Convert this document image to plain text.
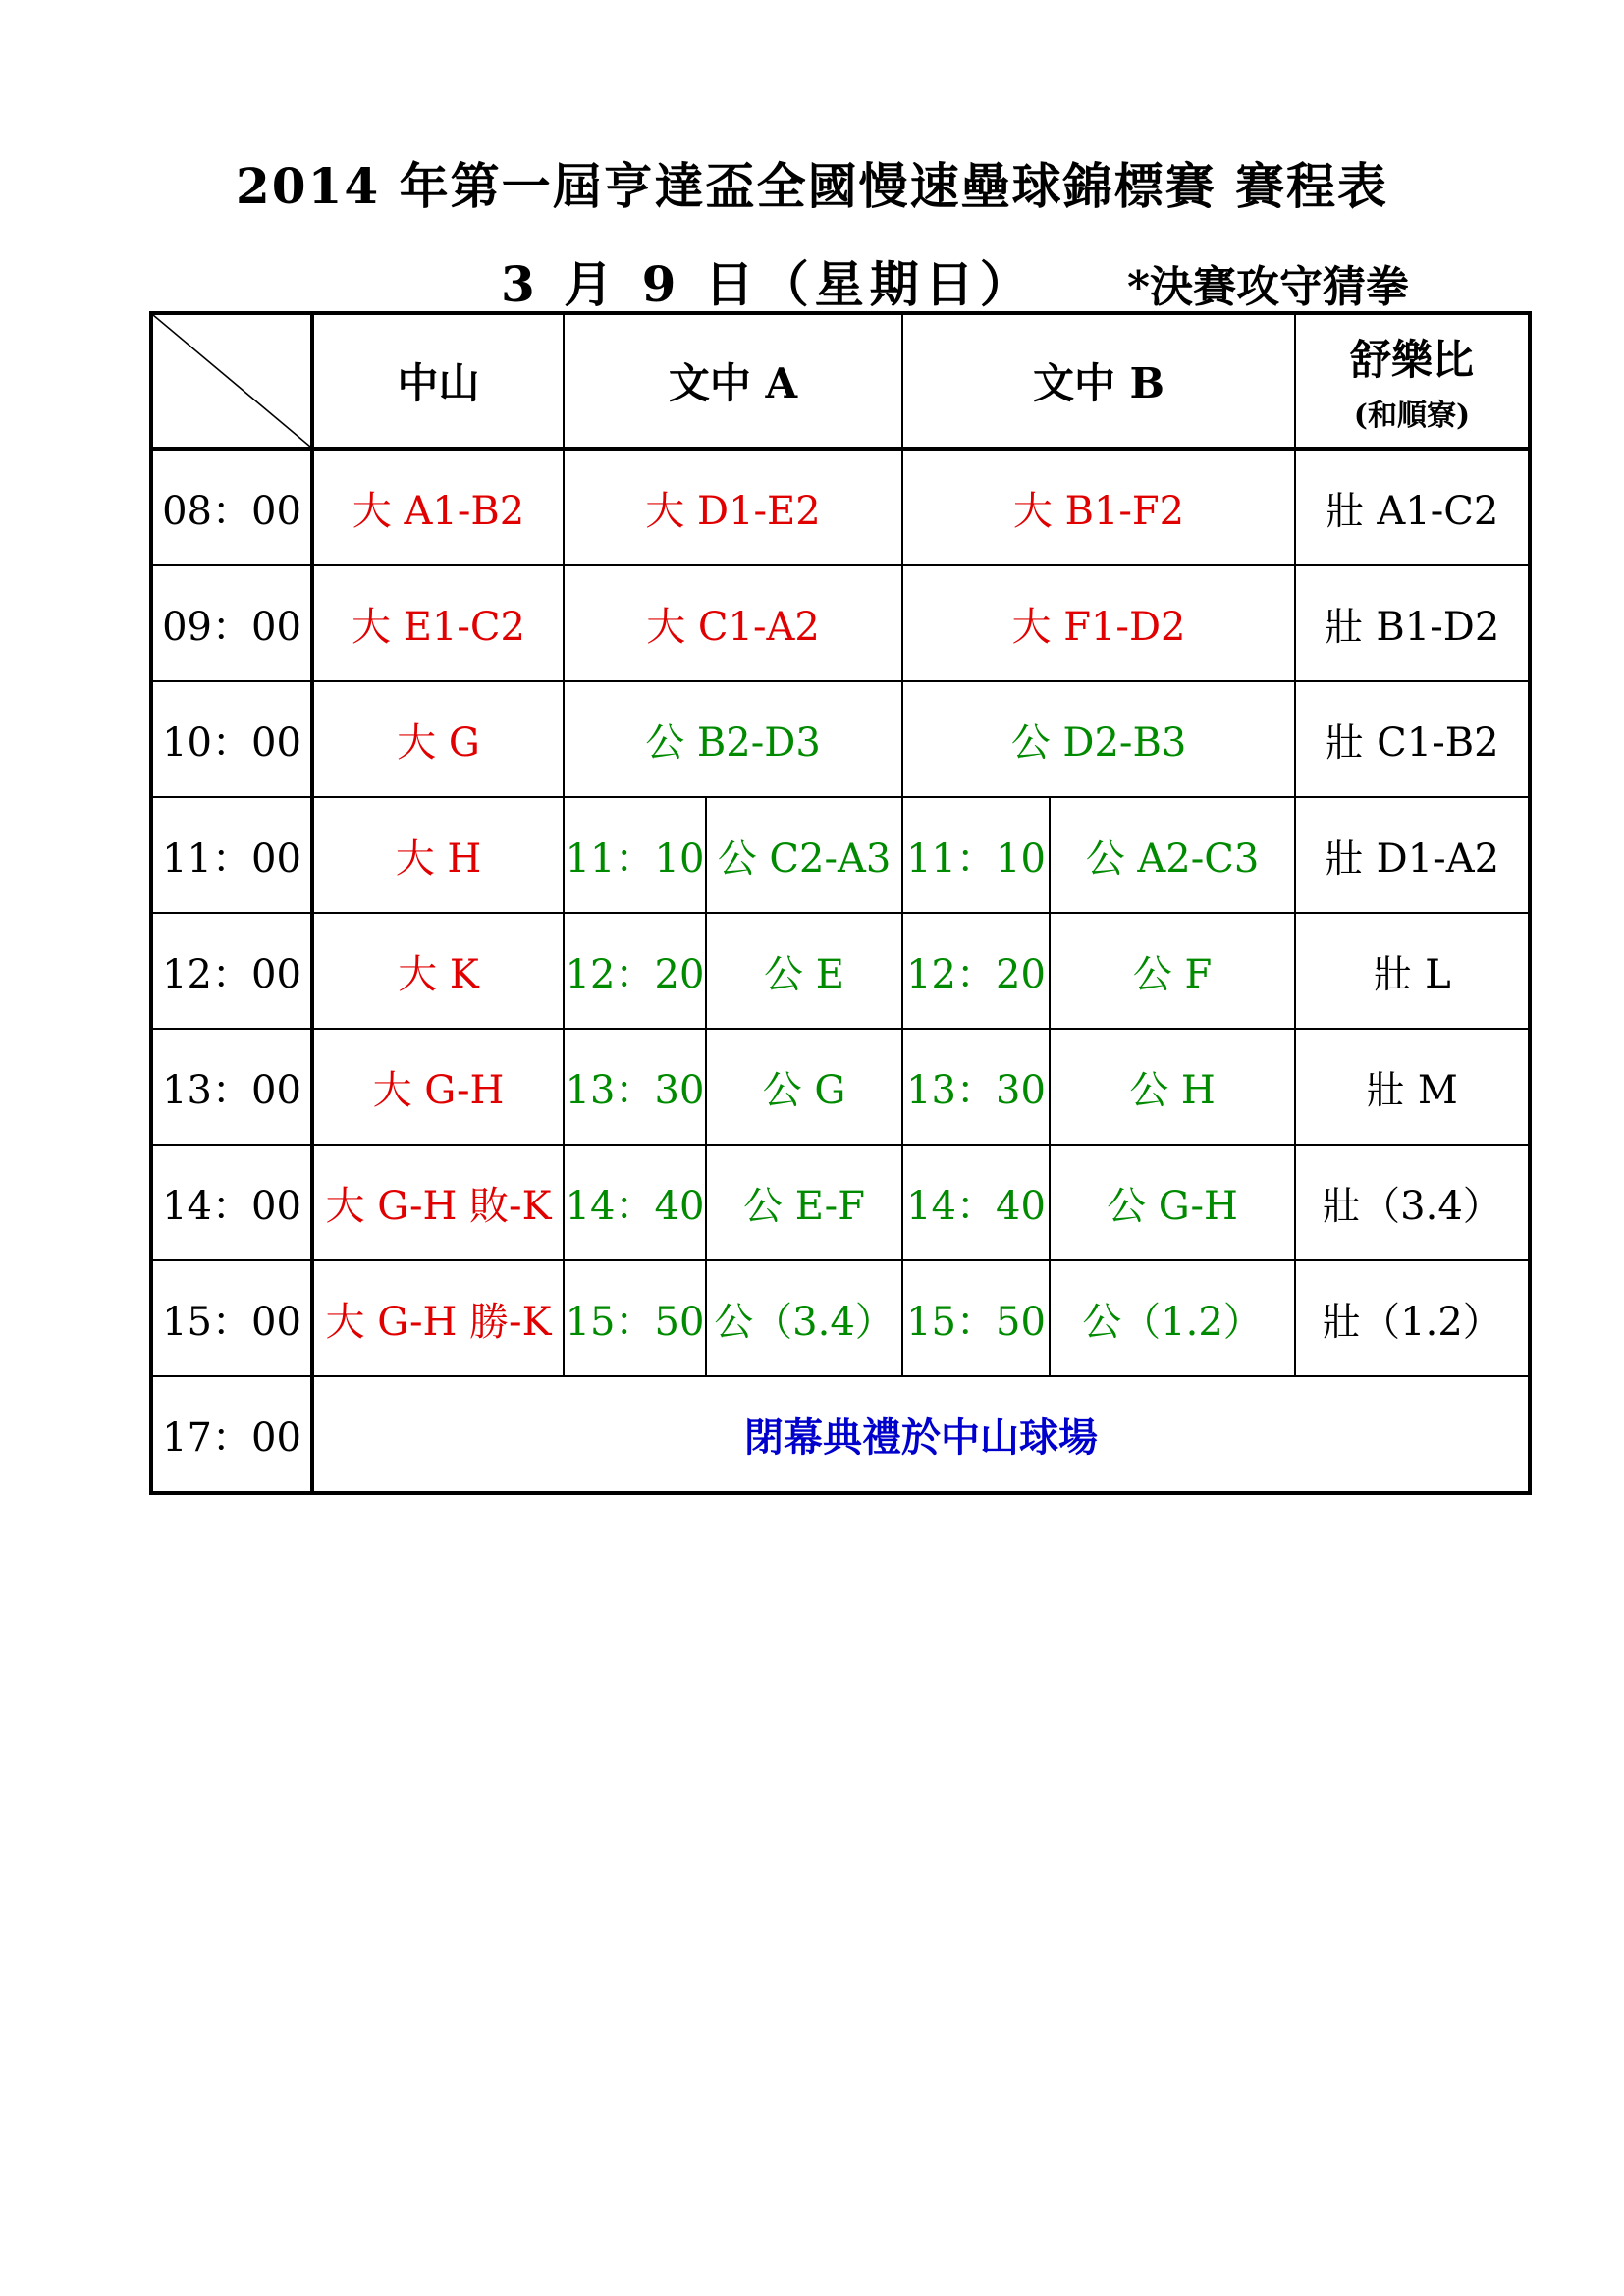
2014 年第一屆亨達盃全國慢速壘球錦標賽 賽程表
3 月 9 日（星期日） *決賽攻守猜拳
	中山	文中 A		文中 B		舒樂比
(和順寮)

08：00	大 A1-B2	大 D1-E2		大 B1-F2		壯 A1-C2
09：00	大 E1-C2	大 C1-A2		大 F1-D2		壯 B1-D2
10：00	大 G	公 B2-D3		公 D2-B3		壯 C1-B2
11：00	大 H	11：10	公 C2-A3	11：10	公 A2-C3	壯 D1-A2
12：00	大 K	12：20	公 E	12：20	公 F	壯 L
13：00	大 G-H	13：30	公 G	13：30	公 H	壯 M
14：00	大 G-H 敗-K	14：40	公 E-F	14：40	公 G-H	壯（3.4）
15：00	大 G-H 勝-K	15：50	公（3.4）	15：50	公（1.2）	壯（1.2）
17：00	閉幕典禮於中山球場					
